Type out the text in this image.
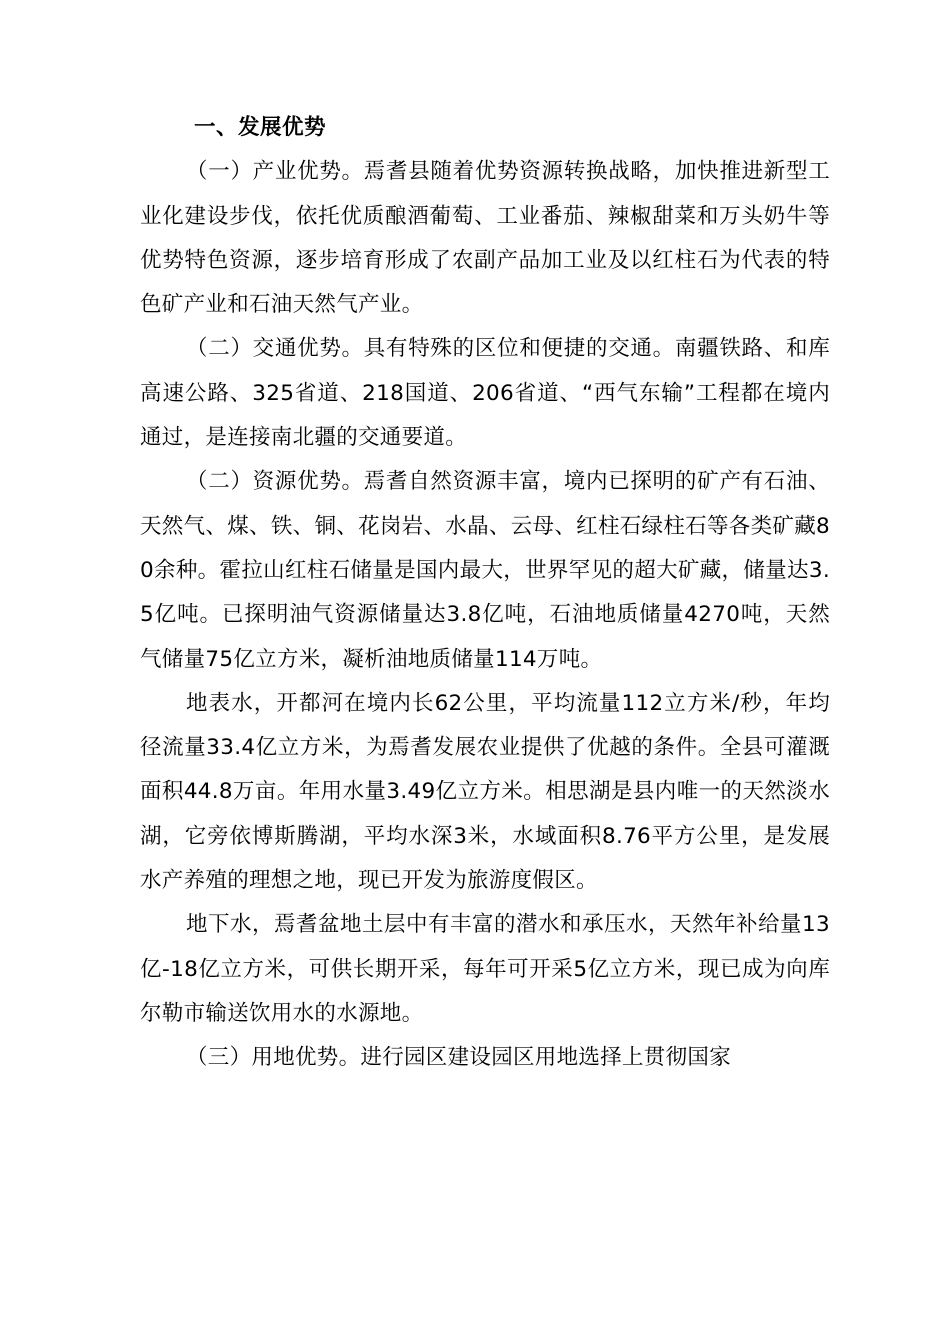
一、发展优势

（一）产业优势。焉耆县随着优势资源转换战略，加快推进新型工业化建设步伐，依托优质酿酒葡萄、工业番茄、辣椒甜菜和万头奶牛等优势特色资源，逐步培育形成了农副产品加工业及以红柱石为代表的特色矿产业和石油天然气产业。

（二）交通优势。具有特殊的区位和便捷的交通。南疆铁路、和库高速公路、325省道、218国道、206省道、“西气东输”工程都在境内通过，是连接南北疆的交通要道。

（二）资源优势。焉耆自然资源丰富，境内已探明的矿产有石油、天然气、煤、铁、铜、花岗岩、水晶、云母、红柱石绿柱石等各类矿藏80余种。霍拉山红柱石储量是国内最大，世界罕见的超大矿藏，储量达3.5亿吨。已探明油气资源储量达3.8亿吨，石油地质储量4270吨，天然气储量75亿立方米，凝析油地质储量114万吨。

地表水，开都河在境内长62公里，平均流量112立方米/秒，年均径流量33.4亿立方米，为焉耆发展农业提供了优越的条件。全县可灌溉面积44.8万亩。年用水量3.49亿立方米。相思湖是县内唯一的天然淡水湖，它旁依博斯腾湖，平均水深3米，水域面积8.76平方公里，是发展水产养殖的理想之地，现已开发为旅游度假区。

地下水，焉耆盆地土层中有丰富的潜水和承压水，天然年补给量13亿-18亿立方米，可供长期开采，每年可开采5亿立方米，现已成为向库尔勒市输送饮用水的水源地。

（三）用地优势。进行园区建设园区用地选择上贯彻国家
